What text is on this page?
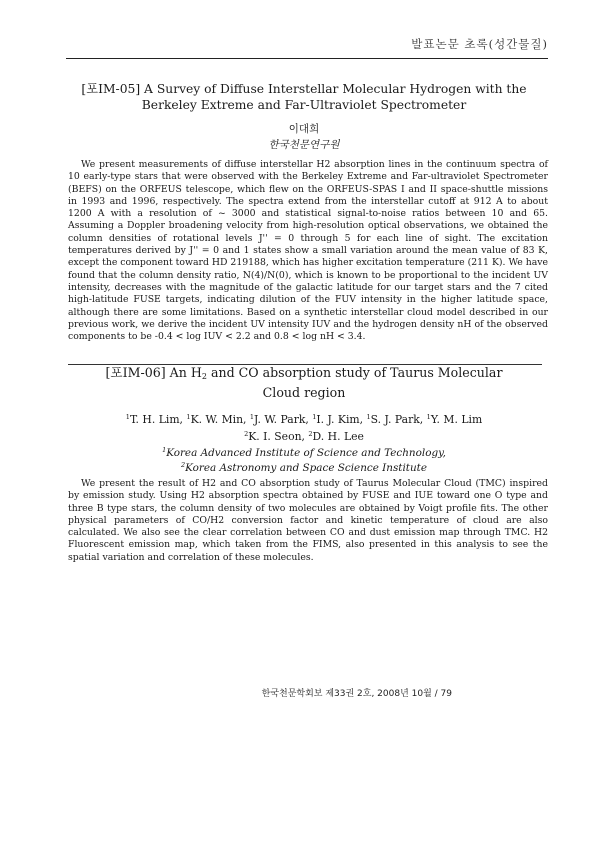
발표논문 초록(성간물질)
[포IM-05] A Survey of Diffuse Interstellar Molecular Hydrogen with the
Berkeley Extreme and Far-Ultraviolet Spectrometer
이대희
한국천문연구원

We present measurements of diffuse interstellar H2 absorption lines in the continuum spectra of 10 early-type stars that were observed with the Berkeley Extreme and Far-ultraviolet Spectrometer (BEFS) on the ORFEUS telescope, which flew on the ORFEUS-SPAS I and II space-shuttle missions in 1993 and 1996, respectively. The spectra extend from the interstellar cutoff at 912 A to about 1200 A with a resolution of ~ 3000 and statistical signal-to-noise ratios between 10 and 65. Assuming a Doppler broadening velocity from high-resolution optical observations, we obtained the column densities of rotational levels J'' = 0 through 5 for each line of sight. The excitation temperatures derived by J'' = 0 and 1 states show a small variation around the mean value of 83 K, except the component toward HD 219188, which has higher excitation temperature (211 K). We have found that the column density ratio, N(4)/N(0), which is known to be proportional to the incident UV intensity, decreases with the magnitude of the galactic latitude for our target stars and the 7 cited high-latitude FUSE targets, indicating dilution of the FUV intensity in the higher latitude space, although there are some limitations. Based on a synthetic interstellar cloud model described in our previous work, we derive the incident UV intensity IUV and the hydrogen density nH of the observed components to be -0.4 < log IUV < 2.2 and 0.8 < log nH < 3.4.

[포IM-06] An $H_2$ and CO absorption study of Taurus Molecular
Cloud region
$^1$T. H. Lim, $^1$K. W. Min, $^1$J. W. Park, $^1$I. J. Kim, $^1$S. J. Park, $^1$Y. M. Lim
$^2$K. I. Seon, $^2$D. H. Lee
$^1$Korea Advanced Institute of Science and Technology,
$^2$Korea Astronomy and Space Science Institute

We present the result of H2 and CO absorption study of Taurus Molecular Cloud (TMC) inspired by emission study. Using H2 absorption spectra obtained by FUSE and IUE toward one O type and three B type stars, the column density of two molecules are obtained by Voigt profile fits. The other physical parameters of CO/H2 conversion factor and kinetic temperature of cloud are also calculated. We also see the clear correlation between CO and dust emission map through TMC. H2 Fluorescent emission map, which taken from the FIMS, also presented in this analysis to see the spatial variation and correlation of these molecules.

한국천문학회보 제33권 2호, 2008년 10월 / 79
